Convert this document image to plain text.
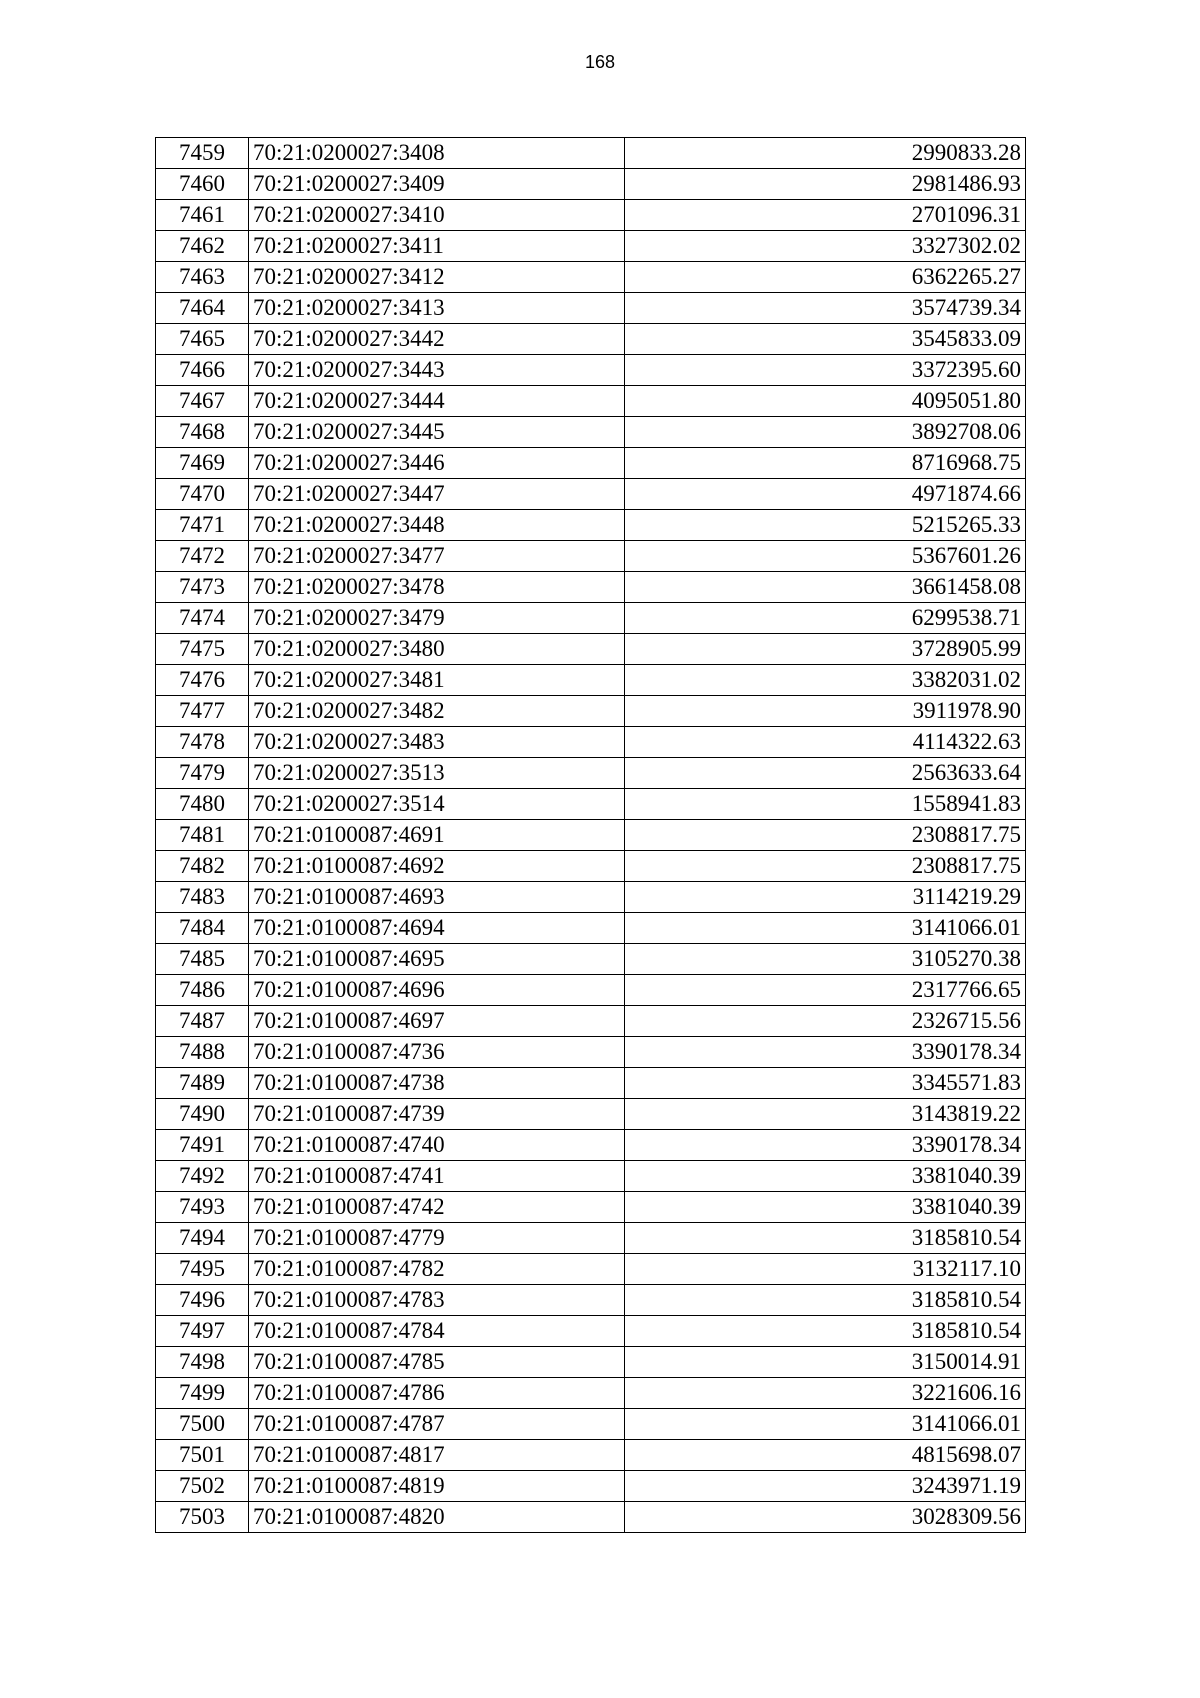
168
7459	70:21:0200027:3408	2990833.28
7460	70:21:0200027:3409	2981486.93
7461	70:21:0200027:3410	2701096.31
7462	70:21:0200027:3411	3327302.02
7463	70:21:0200027:3412	6362265.27
7464	70:21:0200027:3413	3574739.34
7465	70:21:0200027:3442	3545833.09
7466	70:21:0200027:3443	3372395.60
7467	70:21:0200027:3444	4095051.80
7468	70:21:0200027:3445	3892708.06
7469	70:21:0200027:3446	8716968.75
7470	70:21:0200027:3447	4971874.66
7471	70:21:0200027:3448	5215265.33
7472	70:21:0200027:3477	5367601.26
7473	70:21:0200027:3478	3661458.08
7474	70:21:0200027:3479	6299538.71
7475	70:21:0200027:3480	3728905.99
7476	70:21:0200027:3481	3382031.02
7477	70:21:0200027:3482	3911978.90
7478	70:21:0200027:3483	4114322.63
7479	70:21:0200027:3513	2563633.64
7480	70:21:0200027:3514	1558941.83
7481	70:21:0100087:4691	2308817.75
7482	70:21:0100087:4692	2308817.75
7483	70:21:0100087:4693	3114219.29
7484	70:21:0100087:4694	3141066.01
7485	70:21:0100087:4695	3105270.38
7486	70:21:0100087:4696	2317766.65
7487	70:21:0100087:4697	2326715.56
7488	70:21:0100087:4736	3390178.34
7489	70:21:0100087:4738	3345571.83
7490	70:21:0100087:4739	3143819.22
7491	70:21:0100087:4740	3390178.34
7492	70:21:0100087:4741	3381040.39
7493	70:21:0100087:4742	3381040.39
7494	70:21:0100087:4779	3185810.54
7495	70:21:0100087:4782	3132117.10
7496	70:21:0100087:4783	3185810.54
7497	70:21:0100087:4784	3185810.54
7498	70:21:0100087:4785	3150014.91
7499	70:21:0100087:4786	3221606.16
7500	70:21:0100087:4787	3141066.01
7501	70:21:0100087:4817	4815698.07
7502	70:21:0100087:4819	3243971.19
7503	70:21:0100087:4820	3028309.56
